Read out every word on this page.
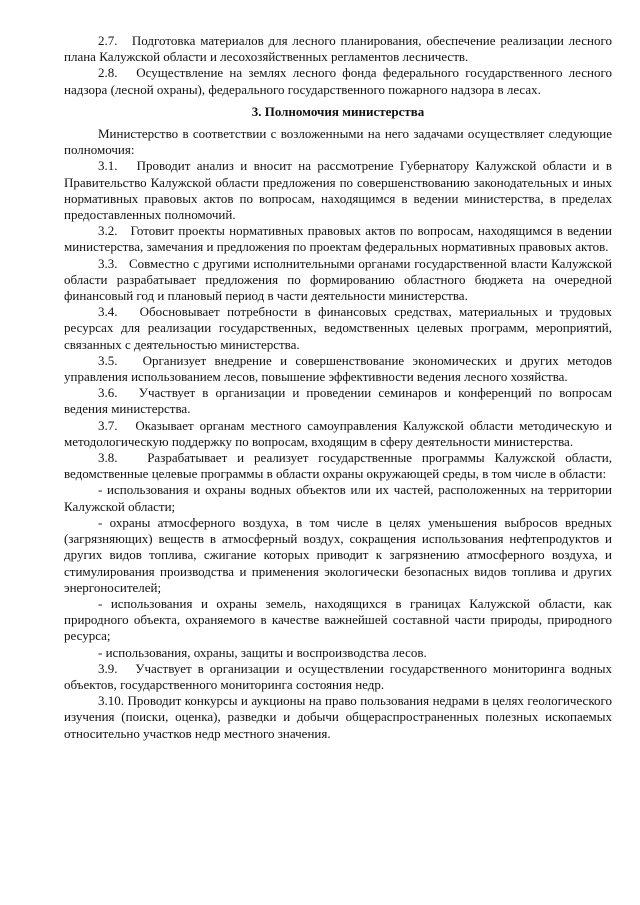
2.7.   Подготовка материалов для лесного планирования, обеспечение реализации лесного плана Калужской области и лесохозяйственных регламентов лесничеств.

2.8.   Осуществление на землях лесного фонда федерального государственного лесного надзора (лесной охраны), федерального государственного пожарного надзора в лесах.

3. Полномочия министерства

Министерство в соответствии с возложенными на него задачами осуществляет следующие полномочия:

3.1.   Проводит анализ и вносит на рассмотрение Губернатору Калужской области и в Правительство Калужской области предложения по совершенствованию законодательных и иных нормативных правовых актов по вопросам, находящимся в ведении министерства, в пределах предоставленных полномочий.

3.2.   Готовит проекты нормативных правовых актов по вопросам, находящимся в ведении министерства, замечания и предложения по проектам федеральных нормативных правовых актов.

3.3.   Совместно с другими исполнительными органами государственной власти Калужской области разрабатывает предложения по формированию областного бюджета на очередной финансовый год и плановый период в части деятельности министерства.

3.4.   Обосновывает потребности в финансовых средствах, материальных и трудовых ресурсах для реализации государственных, ведомственных целевых программ, мероприятий, связанных с деятельностью министерства.

3.5.   Организует внедрение и совершенствование экономических и других методов управления использованием лесов, повышение эффективности ведения лесного хозяйства.

3.6.   Участвует в организации и проведении семинаров и конференций по вопросам ведения министерства.

3.7.   Оказывает органам местного самоуправления Калужской области методическую и методологическую поддержку по вопросам, входящим в сферу деятельности министерства.

3.8.   Разрабатывает и реализует государственные программы Калужской области, ведомственные целевые программы в области охраны окружающей среды, в том числе в области:

- использования и охраны водных объектов или их частей, расположенных на территории Калужской области;

- охраны атмосферного воздуха, в том числе в целях уменьшения выбросов вредных (загрязняющих) веществ в атмосферный воздух, сокращения использования нефтепродуктов и других видов топлива, сжигание которых приводит к загрязнению атмосферного воздуха, и стимулирования производства и применения экологически безопасных видов топлива и других энергоносителей;

- использования и охраны земель, находящихся в границах Калужской области, как природного объекта, охраняемого в качестве важнейшей составной части природы, природного ресурса;

- использования, охраны, защиты и воспроизводства лесов.

3.9.   Участвует в организации и осуществлении государственного мониторинга водных объектов, государственного мониторинга состояния недр.

3.10. Проводит конкурсы и аукционы на право пользования недрами в целях геологического изучения (поиски, оценка), разведки и добычи общераспространенных полезных ископаемых относительно участков недр местного значения.
